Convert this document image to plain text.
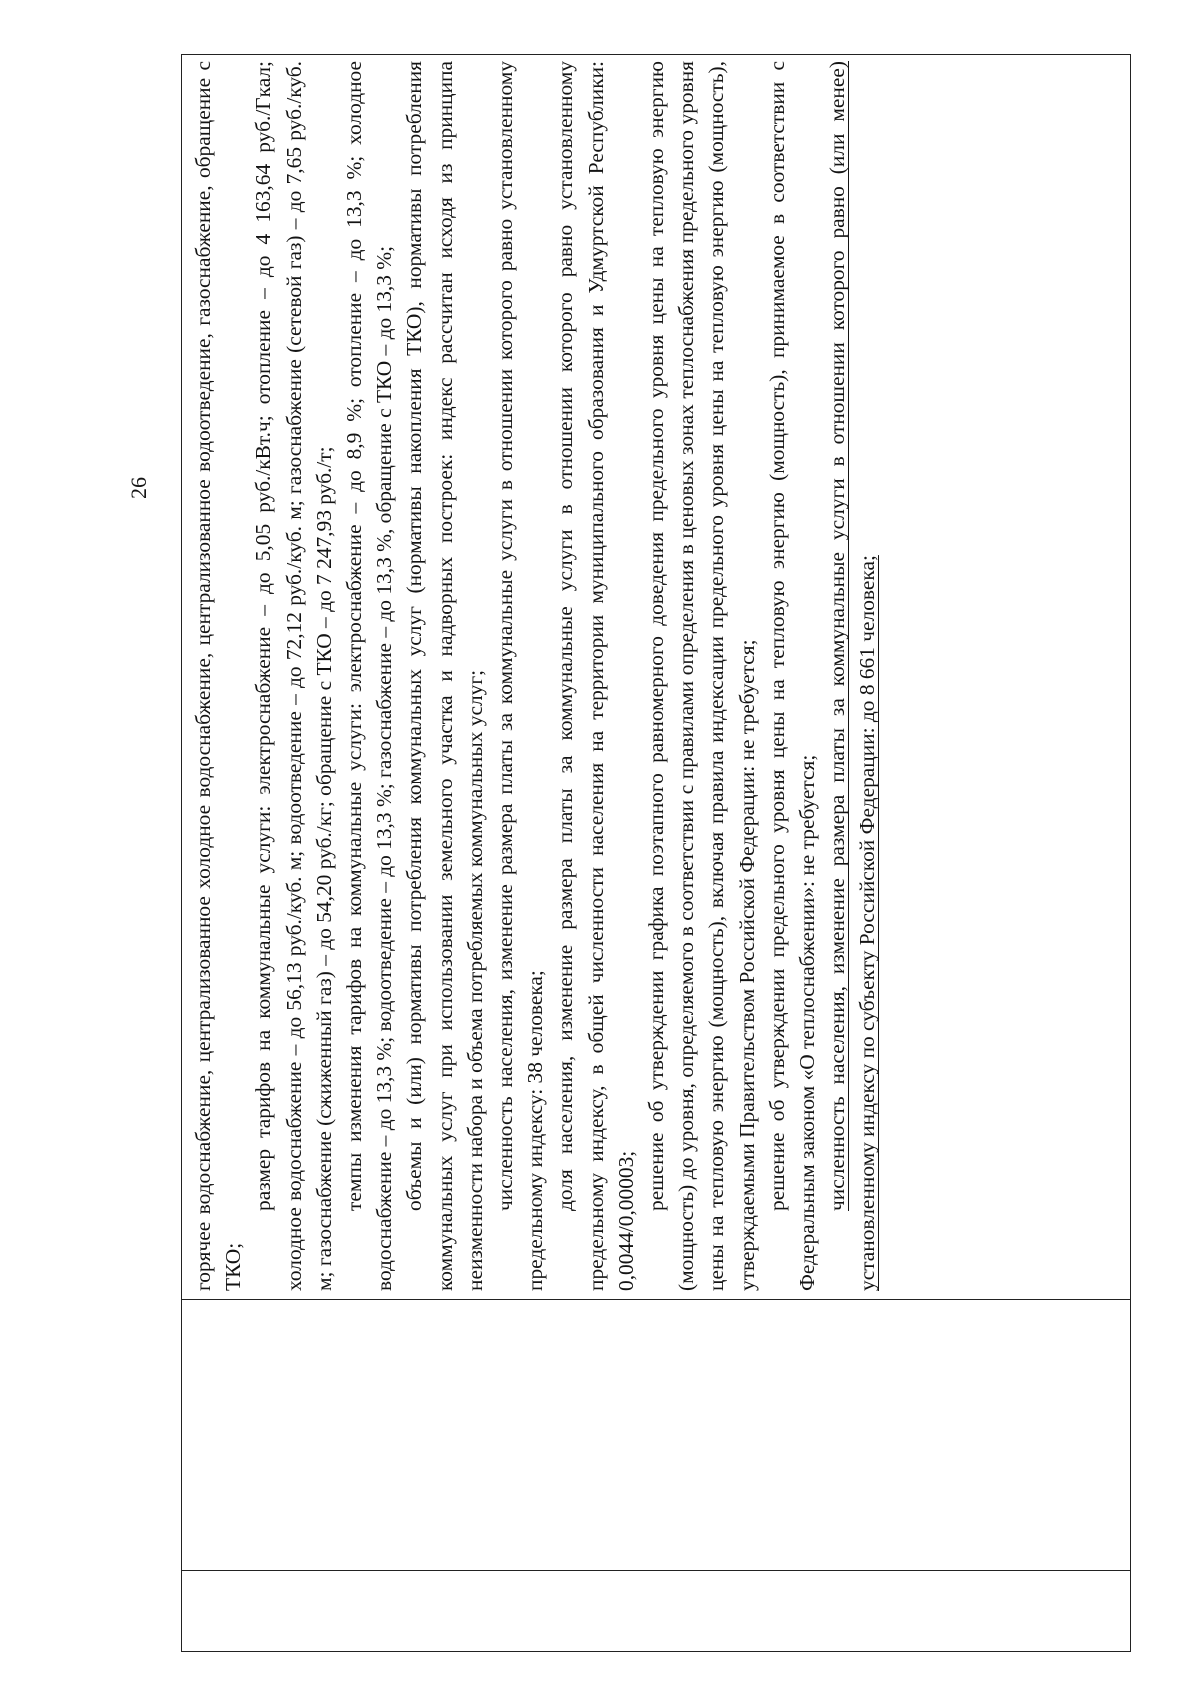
26 горячее водоснабжение, централизованное холодное водоснабжение, централизованное водоотведение, газоснабжение, обращение с ТКО;

размер тарифов на коммунальные услуги: электроснабжение – до 5,05 руб./кВт.ч; отопление – до 4 163,64 руб./Гкал; холодное водоснабжение – до 56,13 руб./куб. м; водоотведение – до 72,12 руб./куб. м; газоснабжение (сетевой газ) – до 7,65 руб./куб. м; газоснабжение (сжиженный газ) – до 54,20 руб./кг; обращение с ТКО – до 7 247,93 руб./т; темпы изменения тарифов на коммунальные услуги: электроснабжение – до 8,9 %; отопление – до 13,3 %; холодное водоснабжение – до 13,3 %; водоотведение – до 13,3 %; газоснабжение – до 13,3 %, обращение с ТКО – до 13,3 %; объемы и (или) нормативы потребления коммунальных услуг (нормативы накопления ТКО), нормативы потребления коммунальных услуг при использовании земельного участка и надворных построек: индекс рассчитан исходя из принципа неизменности набора и объема потребляемых коммунальных услуг; численность населения, изменение размера платы за коммунальные услуги в отношении которого равно установленному предельному индексу: 38 человека; доля населения, изменение размера платы за коммунальные услуги в отношении которого равно установленному предельному индексу, в общей численности населения на территории муниципального образования и Удмуртской Республики: 0,0044/0,00003;

решение об утверждении графика поэтапного равномерного доведения предельного уровня цены на тепловую энергию (мощность) до уровня, определяемого в соответствии с правилами определения в ценовых зонах теплоснабжения предельного уровня цены на тепловую энергию (мощность), включая правила индексации предельного уровня цены на тепловую энергию (мощность), утверждаемыми Правительством Российской Федерации: не требуется; решение об утверждении предельного уровня цены на тепловую энергию (мощность), принимаемое в соответствии с Федеральным законом «О теплоснабжении»: не требуется; численность населения, изменение размера платы за коммунальные услуги в отношении которого равно (или менее) установленному индексу по субъекту Российской Федерации: до 8 661 человека;
